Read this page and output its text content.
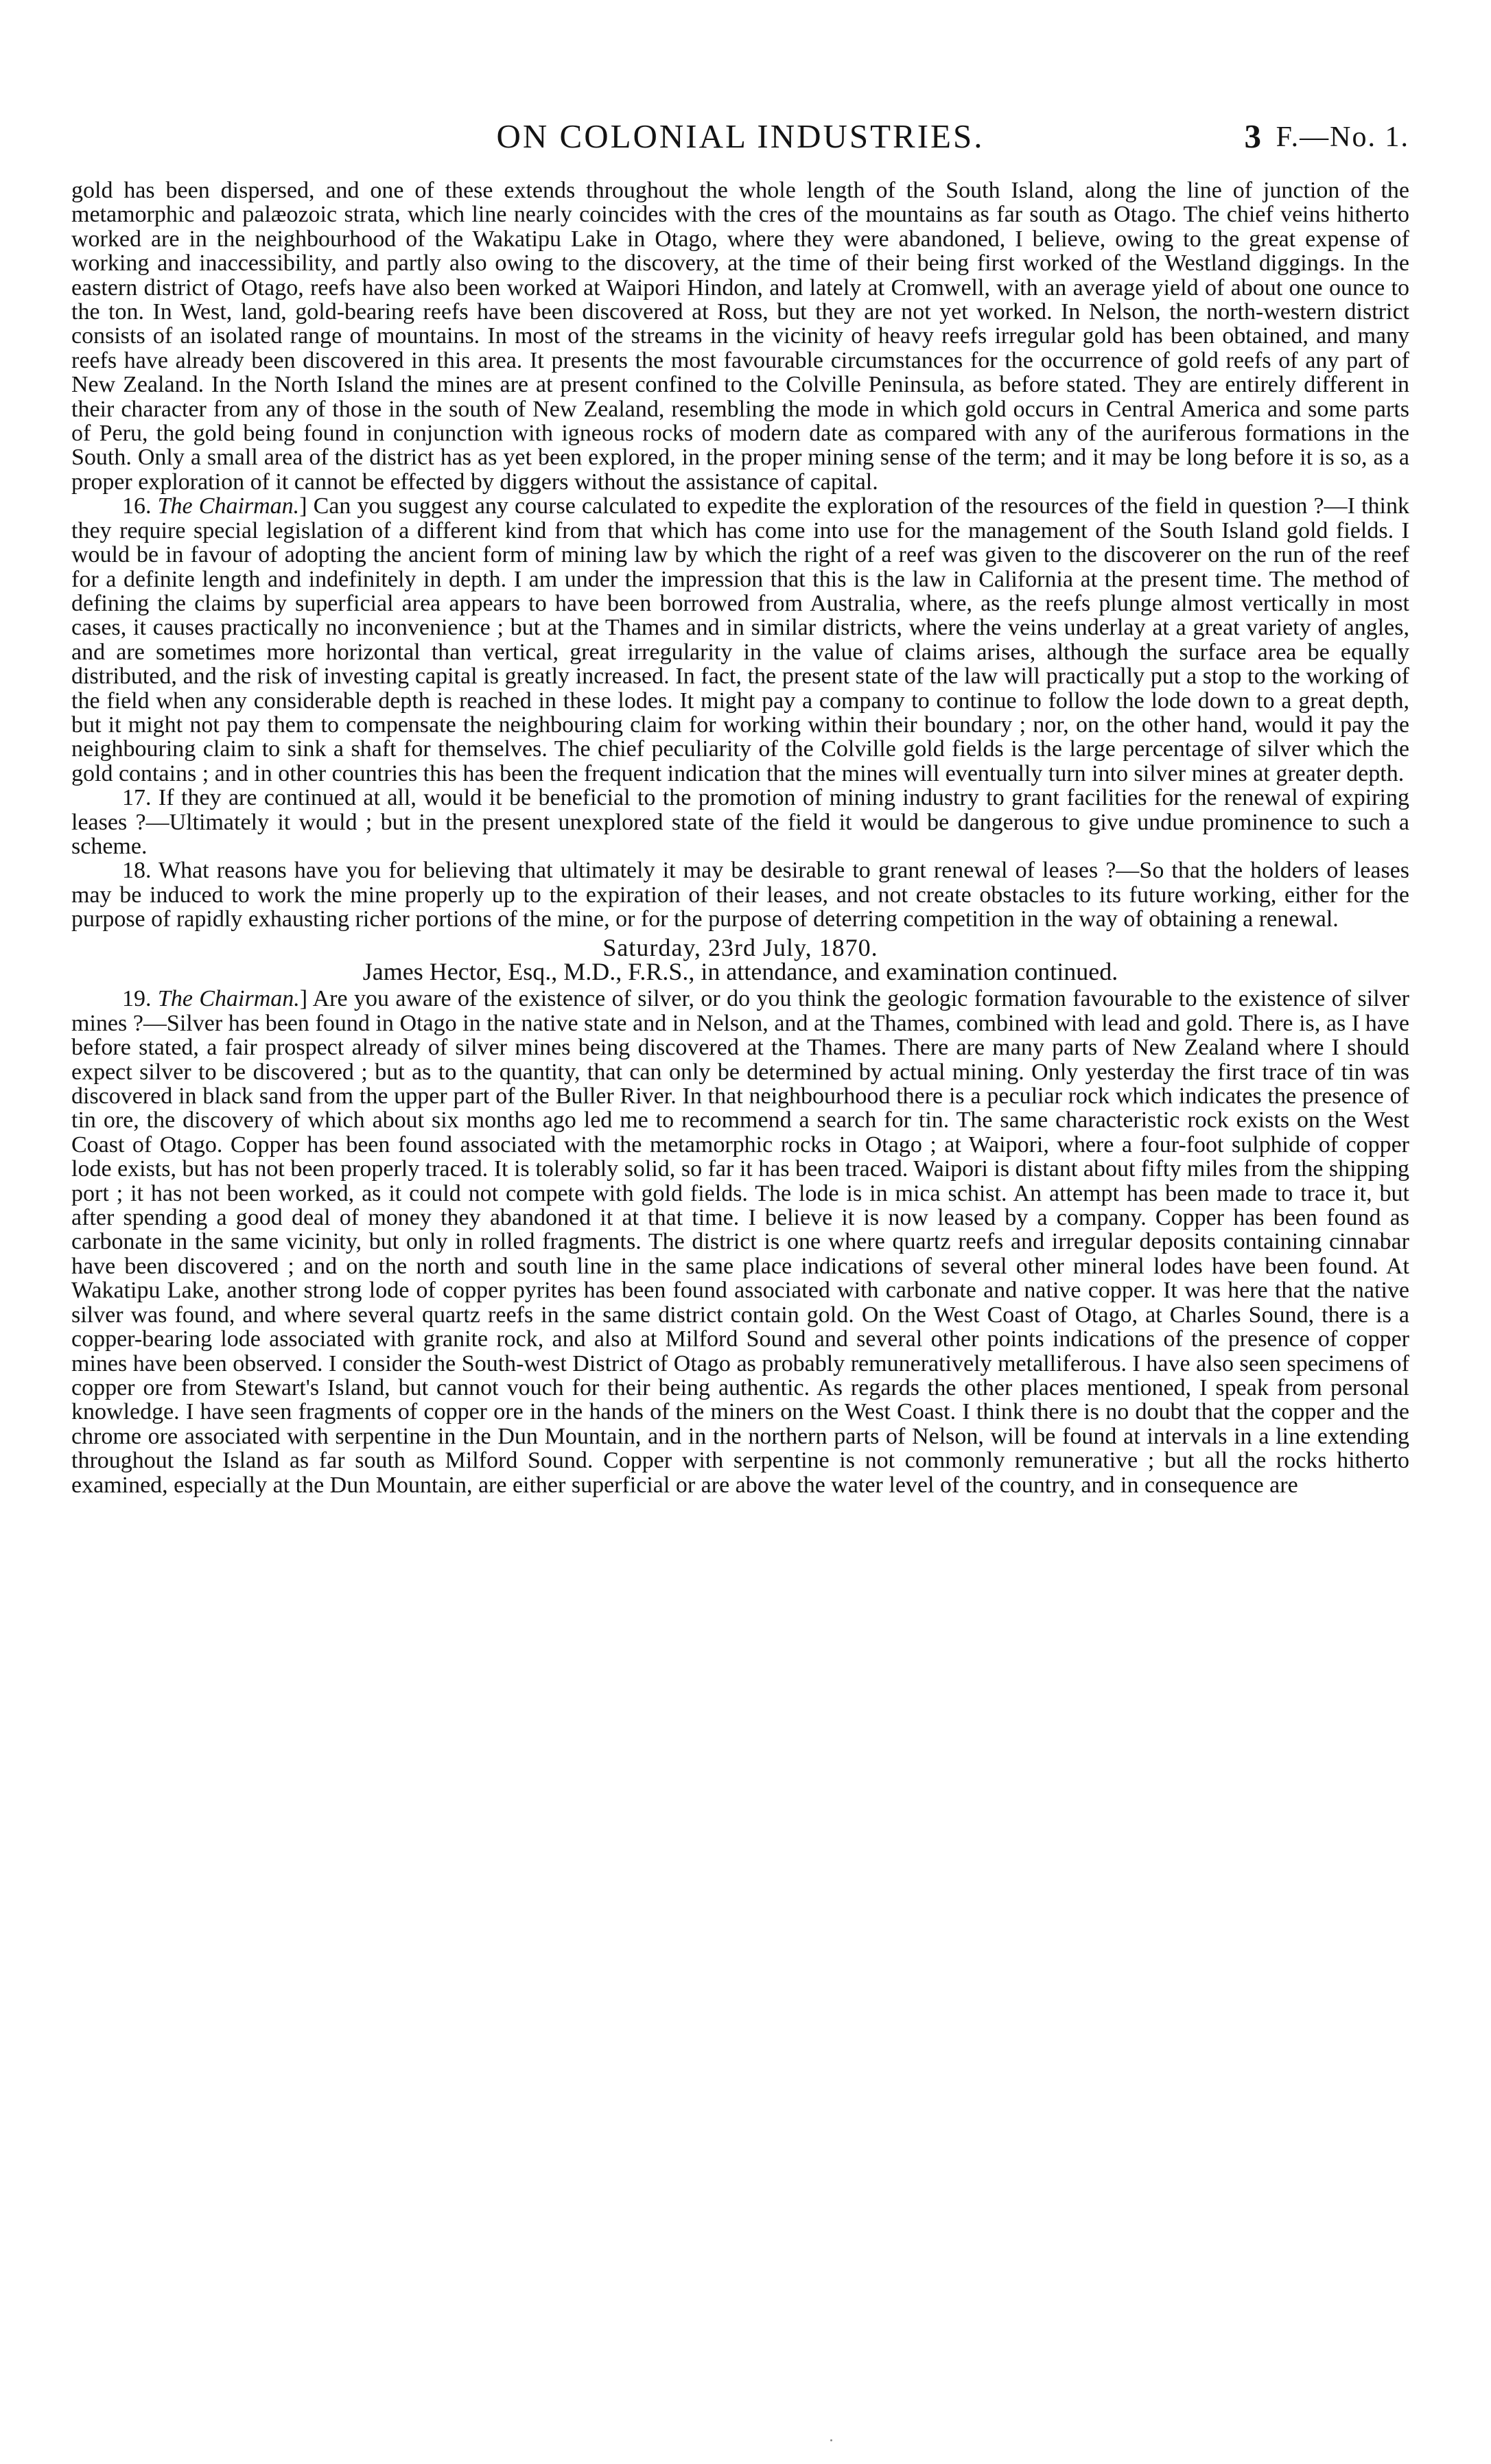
ON COLONIAL INDUSTRIES.	3 F.—No. 1.

gold has been dispersed, and one of these extends throughout the whole length of the South Island, along the line of junction of the metamorphic and palæozoic strata, which line nearly coincides with the cres of the mountains as far south as Otago. The chief veins hitherto worked are in the neighbourhood of the Wakatipu Lake in Otago, where they were abandoned, I believe, owing to the great expense of working and inaccessibility, and partly also owing to the discovery, at the time of their being first worked of the Westland diggings. In the eastern district of Otago, reefs have also been worked at Waipori Hindon, and lately at Cromwell, with an average yield of about one ounce to the ton. In West, land, gold-bearing reefs have been discovered at Ross, but they are not yet worked. In Nelson, the north-western district consists of an isolated range of mountains. In most of the streams in the vicinity of heavy reefs irregular gold has been obtained, and many reefs have already been discovered in this area. It presents the most favourable circumstances for the occurrence of gold reefs of any part of New Zealand. In the North Island the mines are at present confined to the Colville Peninsula, as before stated. They are entirely different in their character from any of those in the south of New Zealand, resembling the mode in which gold occurs in Central America and some parts of Peru, the gold being found in conjunction with igneous rocks of modern date as compared with any of the auriferous formations in the South. Only a small area of the district has as yet been explored, in the proper mining sense of the term; and it may be long before it is so, as a proper exploration of it cannot be effected by diggers without the assistance of capital.

16. The Chairman.] Can you suggest any course calculated to expedite the exploration of the resources of the field in question ?—I think they require special legislation of a different kind from that which has come into use for the management of the South Island gold fields. I would be in favour of adopting the ancient form of mining law by which the right of a reef was given to the discoverer on the run of the reef for a definite length and indefinitely in depth. I am under the impression that this is the law in California at the present time. The method of defining the claims by superficial area appears to have been borrowed from Australia, where, as the reefs plunge almost vertically in most cases, it causes practically no inconvenience ; but at the Thames and in similar districts, where the veins underlay at a great variety of angles, and are sometimes more horizontal than vertical, great irregularity in the value of claims arises, although the surface area be equally distributed, and the risk of investing capital is greatly increased. In fact, the present state of the law will practically put a stop to the working of the field when any considerable depth is reached in these lodes. It might pay a company to continue to follow the lode down to a great depth, but it might not pay them to compensate the neighbouring claim for working within their boundary ; nor, on the other hand, would it pay the neighbouring claim to sink a shaft for themselves. The chief peculiarity of the Colville gold fields is the large percentage of silver which the gold contains ; and in other countries this has been the frequent indication that the mines will eventually turn into silver mines at greater depth.

17. If they are continued at all, would it be beneficial to the promotion of mining industry to grant facilities for the renewal of expiring leases ?—Ultimately it would ; but in the present unexplored state of the field it would be dangerous to give undue prominence to such a scheme.

18. What reasons have you for believing that ultimately it may be desirable to grant renewal of leases ?—So that the holders of leases may be induced to work the mine properly up to the expiration of their leases, and not create obstacles to its future working, either for the purpose of rapidly exhausting richer portions of the mine, or for the purpose of deterring competition in the way of obtaining a renewal.

Saturday, 23rd July, 1870.

James Hector, Esq., M.D., F.R.S., in attendance, and examination continued.

19. The Chairman.] Are you aware of the existence of silver, or do you think the geologic formation favourable to the existence of silver mines ?—Silver has been found in Otago in the native state and in Nelson, and at the Thames, combined with lead and gold. There is, as I have before stated, a fair prospect already of silver mines being discovered at the Thames. There are many parts of New Zealand where I should expect silver to be discovered ; but as to the quantity, that can only be determined by actual mining. Only yesterday the first trace of tin was discovered in black sand from the upper part of the Buller River. In that neighbourhood there is a peculiar rock which indicates the presence of tin ore, the discovery of which about six months ago led me to recommend a search for tin. The same characteristic rock exists on the West Coast of Otago. Copper has been found associated with the metamorphic rocks in Otago ; at Waipori, where a four-foot sulphide of copper lode exists, but has not been properly traced. It is tolerably solid, so far it has been traced. Waipori is distant about fifty miles from the shipping port ; it has not been worked, as it could not compete with gold fields. The lode is in mica schist. An attempt has been made to trace it, but after spending a good deal of money they abandoned it at that time. I believe it is now leased by a company. Copper has been found as carbonate in the same vicinity, but only in rolled fragments. The district is one where quartz reefs and irregular deposits containing cinnabar have been discovered ; and on the north and south line in the same place indications of several other mineral lodes have been found. At Wakatipu Lake, another strong lode of copper pyrites has been found associated with carbonate and native copper. It was here that the native silver was found, and where several quartz reefs in the same district contain gold. On the West Coast of Otago, at Charles Sound, there is a copper-bearing lode associated with granite rock, and also at Milford Sound and several other points indications of the presence of copper mines have been observed. I consider the South-west District of Otago as probably remuneratively metalliferous. I have also seen specimens of copper ore from Stewart's Island, but cannot vouch for their being authentic. As regards the other places mentioned, I speak from personal knowledge. I have seen fragments of copper ore in the hands of the miners on the West Coast. I think there is no doubt that the copper and the chrome ore associated with serpentine in the Dun Mountain, and in the northern parts of Nelson, will be found at intervals in a line extending throughout the Island as far south as Milford Sound. Copper with serpentine is not commonly remunerative ; but all the rocks hitherto examined, especially at the Dun Mountain, are either superficial or are above the water level of the country, and in consequence are
